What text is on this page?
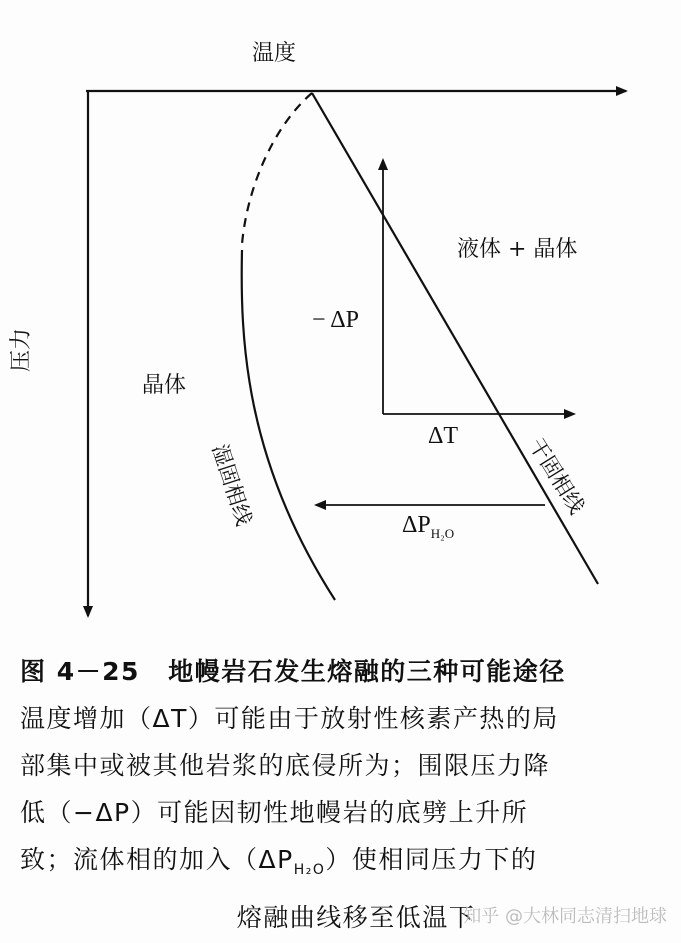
温度
压力
晶体
液体 + 晶体
− ΔP
ΔT
$\Delta P_{H_2O}$
湿固相线	干固相线

图 4－25 地幔岩石发生熔融的三种可能途径

温度增加（ΔT）可能由于放射性核素产热的局

部集中或被其他岩浆的底侵所为；围限压力降

低（−ΔP）可能因韧性地幔岩的底劈上升所

致；流体相的加入$(\Delta P_{H_2O})$使相同压力下的

熔融曲线移至低温下

知乎 @大林同志清扫地球
